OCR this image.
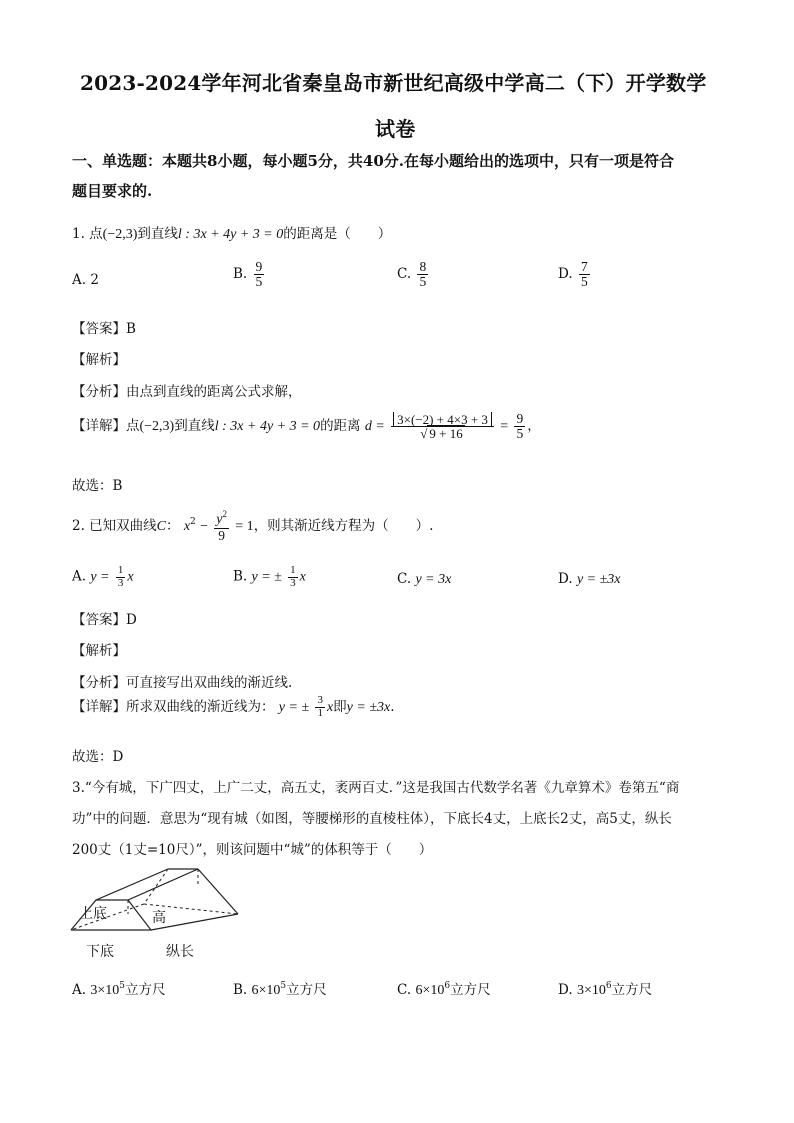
2023-2024学年河北省秦皇岛市新世纪高级中学高二（下）开学数学
试卷
一、单选题：本题共8小题，每小题5分，共40分.在每小题给出的选项中，只有一项是符合
题目要求的.
1. 点(−2,3)到直线l : 3x + 4y + 3 = 0的距离是（　　）
A. 2	B. $\frac{9}{5}$	C. $\frac{8}{5}$	D. $\frac{7}{5}$
【答案】B
【解析】
【分析】由点到直线的距离公式求解，
【详解】点(−2,3)到直线l : 3x + 4y + 3 = 0的距离 $d = \frac{3\times(-2) + 4\times 3 + 3}{√ 9 + 16} = \frac{9}{5}$ ，
故选：B
2. 已知双曲线C： $x^2 - \frac{y^2}{9} = 1$，则其渐近线方程为（　　）.
A. $y = \frac{1}{3}$ x	B. y = ± $\frac{1}{3}$ x	C. y = 3x	D. y = ±3x
【答案】D
【解析】
【分析】可直接写出双曲线的渐近线.
【详解】所求双曲线的渐近线为： y = ± $\frac{3}{1}$ x即y = ±3x.
故选：D
3.“今有城，下广四丈，上广二丈，高五丈，袤两百丈．”这是我国古代数学名著《九章算术》卷第五“商
功”中的问题．意思为“现有城（如图，等腰梯形的直棱柱体），下底长4丈，上底长2丈，高5丈，纵长
200丈（1丈=10尺）”，则该问题中“城”的体积等于（　　）
上底	高
下底	纵长
A. $3\times 10^5$立方尺	B. $6\times 10^5$立方尺	C. $6\times 10^6$立方尺	D. $3\times 10^6$立方尺
